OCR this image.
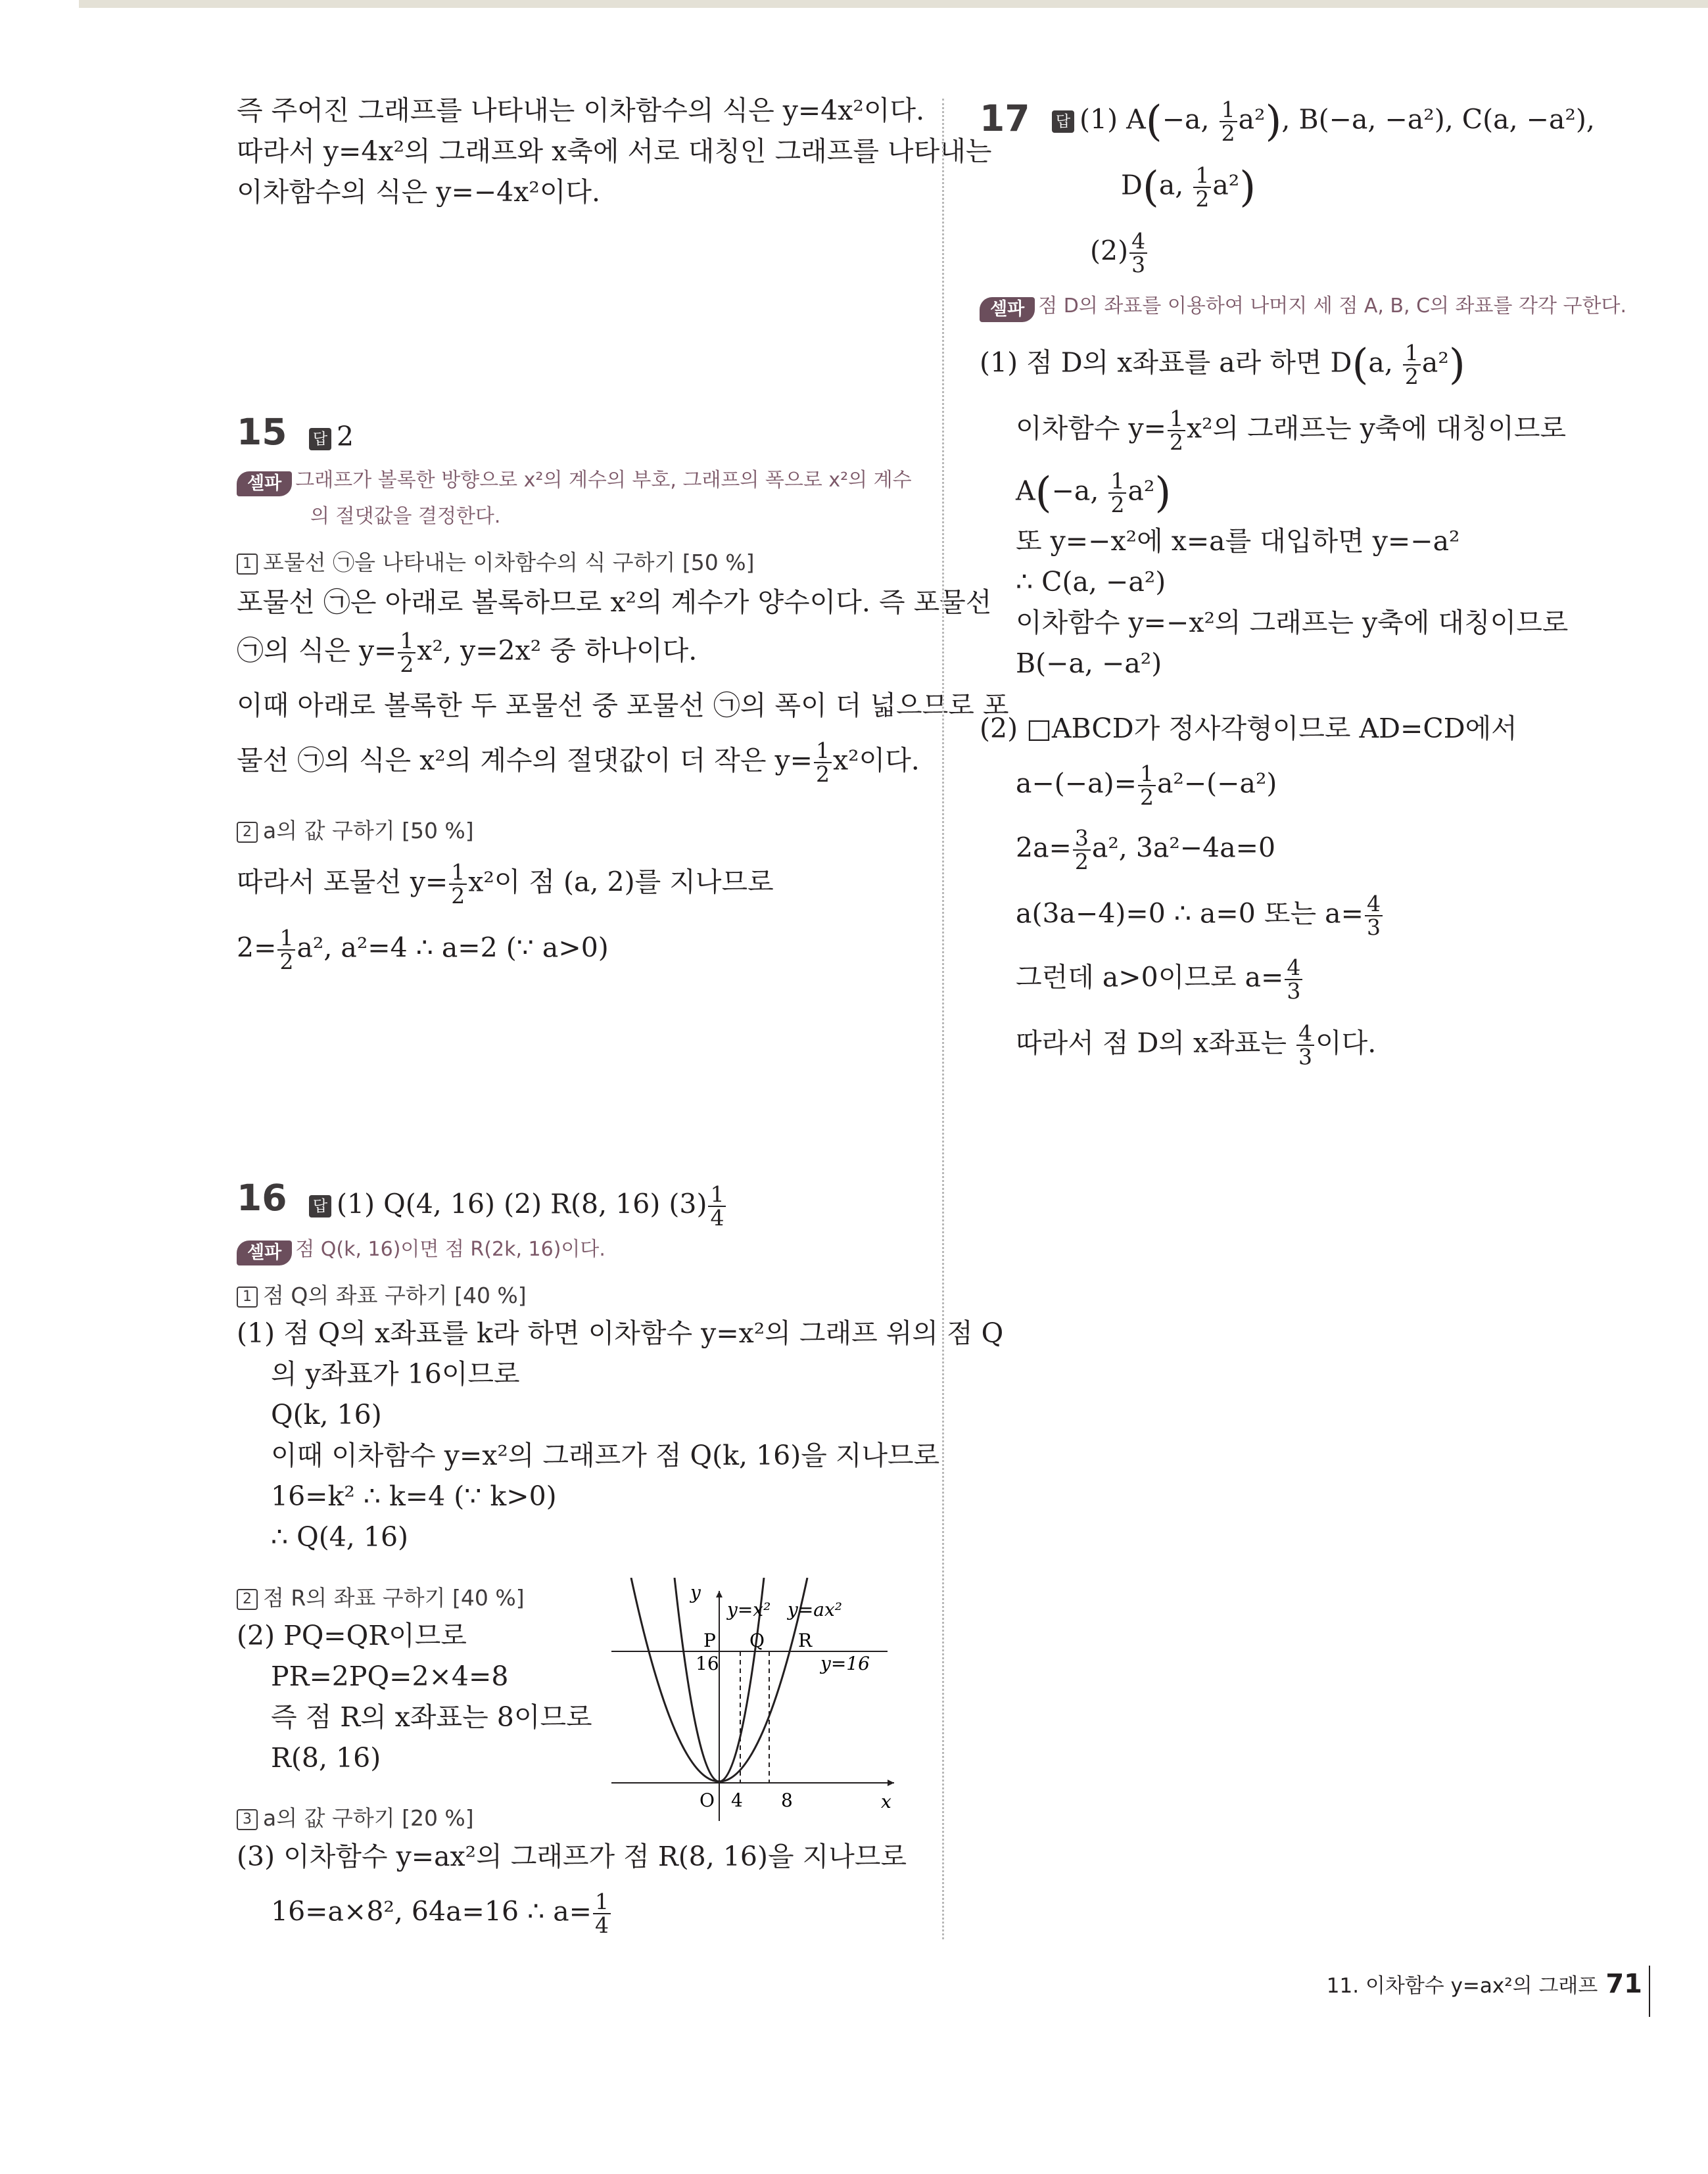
즉 주어진 그래프를 나타내는 이차함수의 식은 y=4x²이다.
따라서 y=4x²의 그래프와 x축에 서로 대칭인 그래프를 나타내는
이차함수의 식은 y=−4x²이다.
15 답 2
셀파 그래프가 볼록한 방향으로 x²의 계수의 부호, 그래프의 폭으로 x²의 계수
의 절댓값을 결정한다.
1 포물선 ㉠을 나타내는 이차함수의 식 구하기 [50 %]
포물선 ㉠은 아래로 볼록하므로 x²의 계수가 양수이다. 즉 포물선
㉠의 식은 $y= \frac{1}{2} x^2$, y=2x² 중 하나이다.
이때 아래로 볼록한 두 포물선 중 포물선 ㉠의 폭이 더 넓으므로 포
물선 ㉠의 식은 x²의 계수의 절댓값이 더 작은 $y= \frac{1}{2} x^2$이다.
2 a의 값 구하기 [50 %]
따라서 포물선 $y= \frac{1}{2} x^2$이 점 (a, 2)를 지나므로
$2= \frac{1}{2} a^2$, a²=4 ∴ a=2 (∵ a>0)
16 답 (1) Q(4, 16) (2) R(8, 16) $(3) \frac{1}{4}$
셀파 점 Q(k, 16)이면 점 R(2k, 16)이다.
1 점 Q의 좌표 구하기 [40 %]
(1) 점 Q의 x좌표를 k라 하면 이차함수 y=x²의 그래프 위의 점 Q
의 y좌표가 16이므로
Q(k, 16)
이때 이차함수 y=x²의 그래프가 점 Q(k, 16)을 지나므로
16=k² ∴ k=4 (∵ k>0)
∴ Q(4, 16)
2 점 R의 좌표 구하기 [40 %]
(2) PQ=QR이므로
PR=2PQ=2×4=8
즉 점 R의 x좌표는 8이므로
R(8, 16)
y
x
O
y=x² y=ax²
P Q R
16	y=16
4 8
3 a의 값 구하기 [20 %]
(3) 이차함수 y=ax²의 그래프가 점 R(8, 16)을 지나므로
16=a×8², 64a=16 ∴ $a= \frac{1}{4}$
17 답 (1) A(−a, $\frac{1}{2} a^2$), B(−a, −a²), C(a, −a²),
D(a, $\frac{1}{2} a^2$)
$(2) \frac{4}{3}$
셀파 점 D의 좌표를 이용하여 나머지 세 점 A, B, C의 좌표를 각각 구한다.
(1) 점 D의 x좌표를 a라 하면 D(a, $\frac{1}{2} a^2$)
이차함수 $y= \frac{1}{2} x^2$의 그래프는 y축에 대칭이므로
A(−a, $\frac{1}{2} a^2$)
또 y=−x²에 x=a를 대입하면 y=−a²
∴ C(a, −a²)
이차함수 y=−x²의 그래프는 y축에 대칭이므로
B(−a, −a²)
(2) □ABCD가 정사각형이므로 AD=CD에서
$a-(-a)= \frac{1}{2} a^2-(-a^2)$
$2a= \frac{3}{2} a^2$, 3a²−4a=0
a(3a−4)=0 ∴ a=0 또는 $a= \frac{4}{3}$
그런데 a>0이므로 $a= \frac{4}{3}$
따라서 점 D의 x좌표는 $\frac{4}{3}$ 이다.
11. 이차함수 y=ax²의 그래프 71
